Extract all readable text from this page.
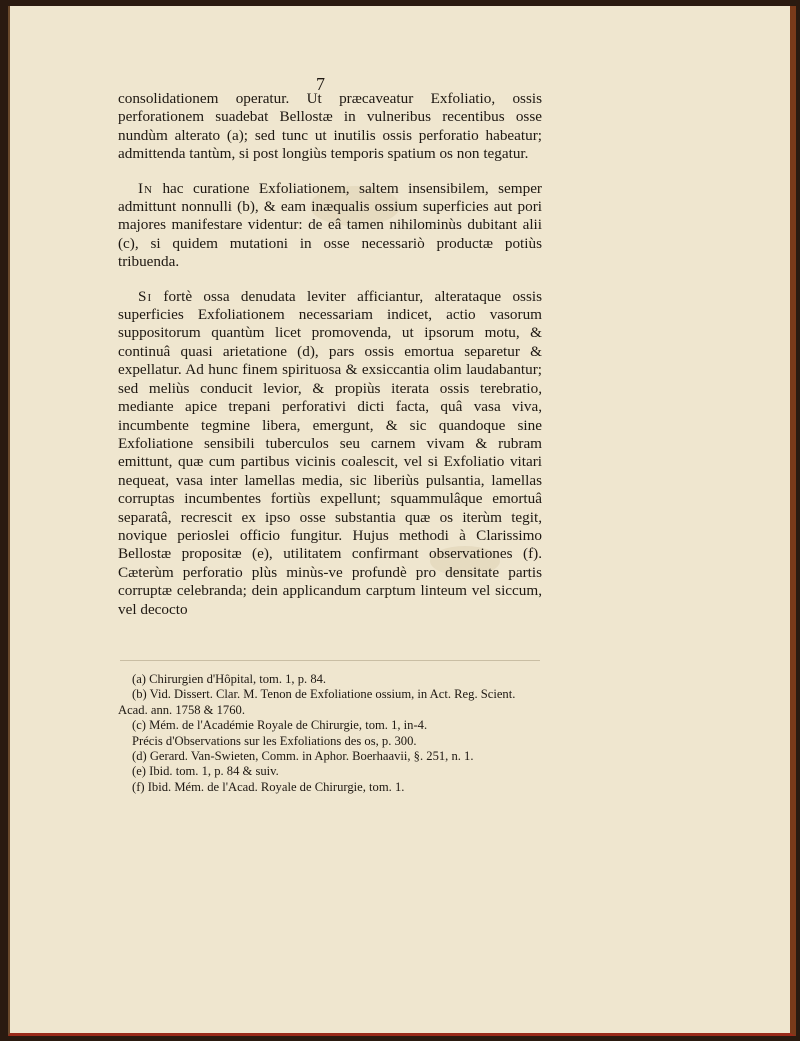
7

consolidationem operatur. Ut præcaveatur Exfoliatio, ossis perforationem suadebat Bellostæ in vulneribus recentibus osse nundùm alterato (a); sed tunc ut inutilis ossis perforatio habeatur; admittenda tantùm, si post longiùs temporis spatium os non tegatur.

In hac curatione Exfoliationem, saltem insensibilem, semper admittunt nonnulli (b), & eam inæqualis ossium superficies aut pori majores manifestare videntur: de eâ tamen nihilominùs dubitant alii (c), si quidem mutationi in osse necessariò productæ potiùs tribuenda.

Si fortè ossa denudata leviter afficiantur, alterataque ossis superficies Exfoliationem necessariam indicet, actio vasorum suppositorum quantùm licet promovenda, ut ipsorum motu, & continuâ quasi arietatione (d), pars ossis emortua separetur & expellatur. Ad hunc finem spirituosa & exsiccantia olim laudabantur; sed meliùs conducit levior, & propiùs iterata ossis terebratio, mediante apice trepani perforativi dicti facta, quâ vasa viva, incumbente tegmine libera, emergunt, & sic quandoque sine Exfoliatione sensibili tuberculos seu carnem vivam & rubram emittunt, quæ cum partibus vicinis coalescit, vel si Exfoliatio vitari nequeat, vasa inter lamellas media, sic liberiùs pulsantia, lamellas corruptas incumbentes fortiùs expellunt; squammulâque emortuâ separatâ, recrescit ex ipso osse substantia quæ os iterùm tegit, novique perioslei officio fungitur. Hujus methodi à Clarissimo Bellostæ propositæ (e), utilitatem confirmant observationes (f). Cæterùm perforatio plùs minùs-ve profundè pro densitate partis corruptæ celebranda; dein applicandum carptum linteum vel siccum, vel decocto

(a) Chirurgien d'Hôpital, tom. 1, p. 84.

(b) Vid. Dissert. Clar. M. Tenon de Exfoliatione ossium, in Act. Reg. Scient. Acad. ann. 1758 & 1760.

(c) Mém. de l'Académie Royale de Chirurgie, tom. 1, in-4.

Précis d'Observations sur les Exfoliations des os, p. 300.

(d) Gerard. Van-Swieten, Comm. in Aphor. Boerhaavii, §. 251, n. 1.

(e) Ibid. tom. 1, p. 84 & suiv.

(f) Ibid. Mém. de l'Acad. Royale de Chirurgie, tom. 1.
